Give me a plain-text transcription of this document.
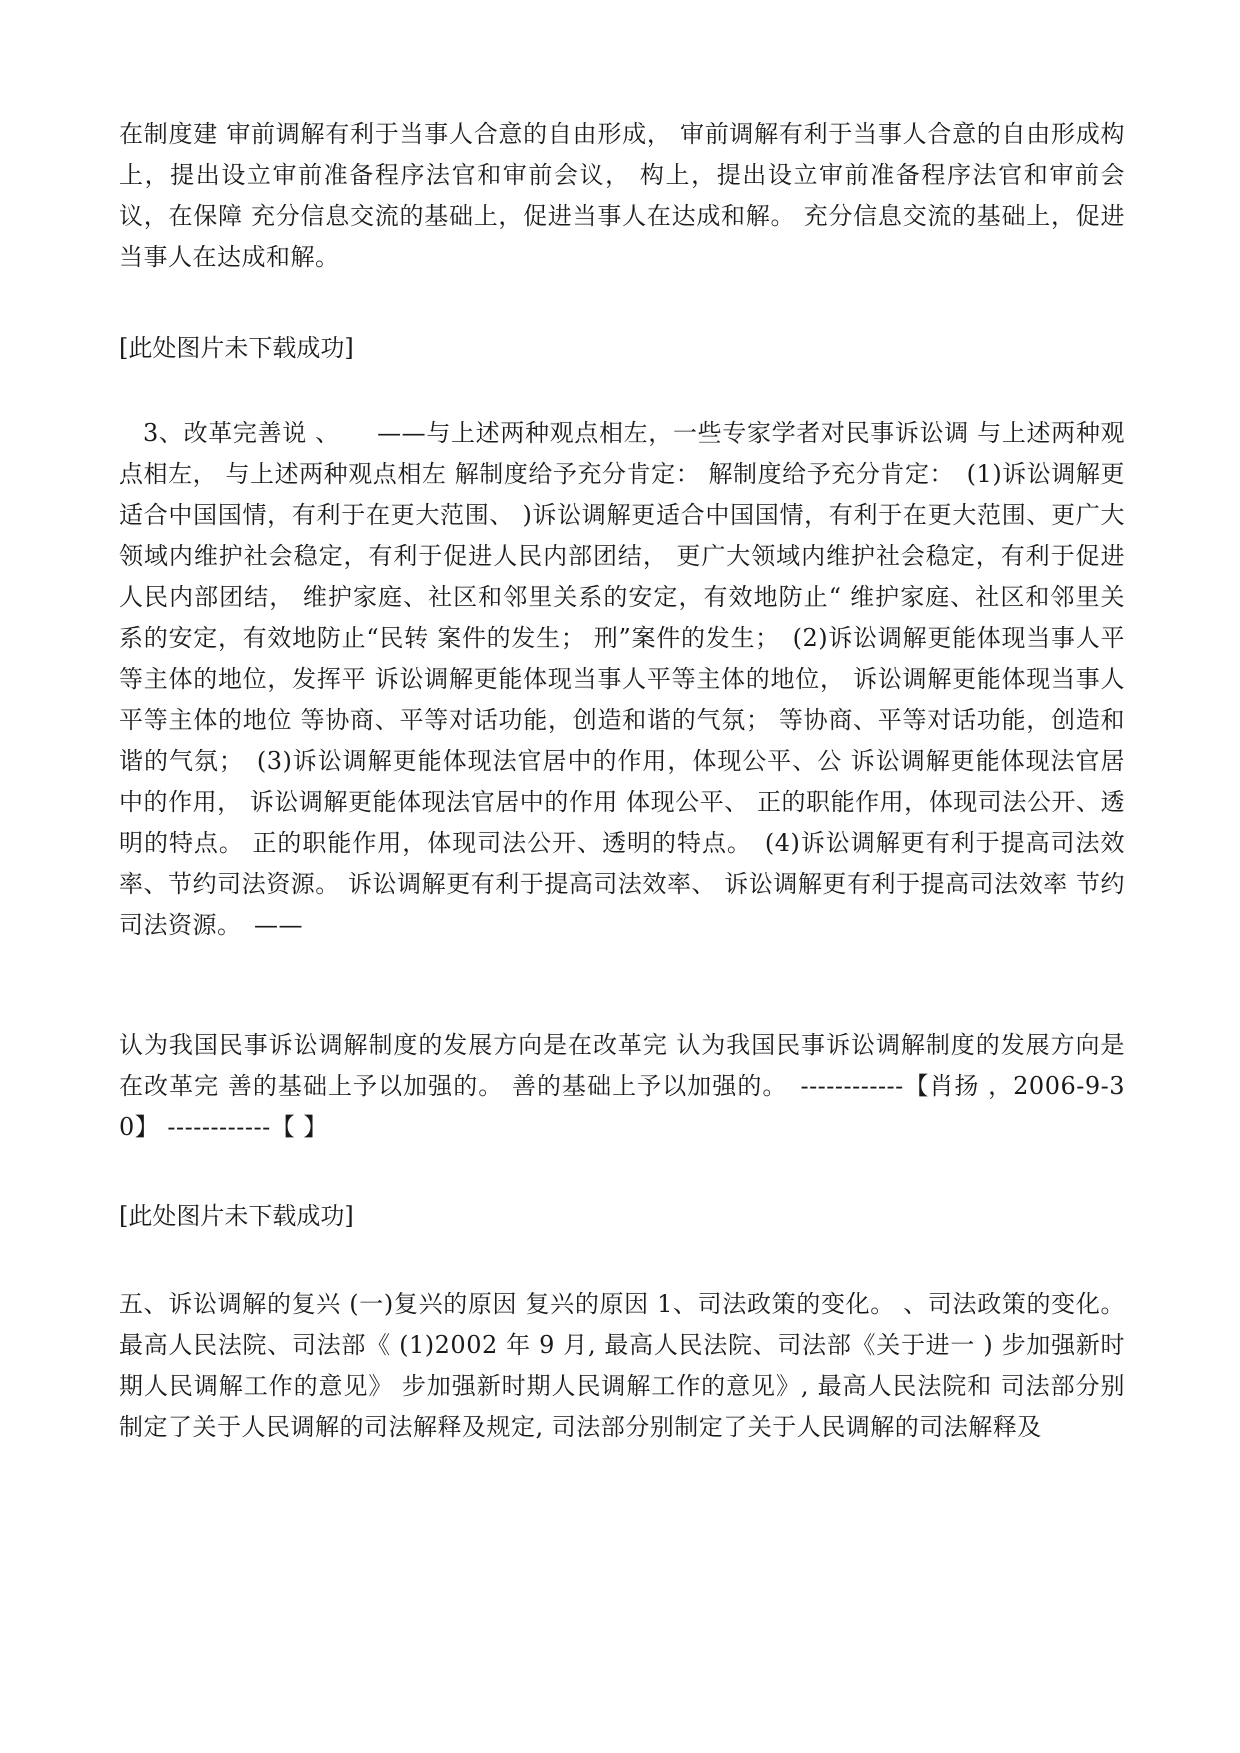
在制度建 审前调解有利于当事人合意的自由形成， 审前调解有利于当事人合意的自由形成构上，提出设立审前准备程序法官和审前会议， 构上，提出设立审前准备程序法官和审前会议，在保障 充分信息交流的基础上，促进当事人在达成和解。 充分信息交流的基础上，促进当事人在达成和解。

[此处图片未下载成功]

3、改革完善说 、　　——与上述两种观点相左，一些专家学者对民事诉讼调 与上述两种观点相左， 与上述两种观点相左 解制度给予充分肯定： 解制度给予充分肯定：　(1)诉讼调解更适合中国国情，有利于在更大范围、 )诉讼调解更适合中国国情，有利于在更大范围、更广大领域内维护社会稳定，有利于促进人民内部团结， 更广大领域内维护社会稳定，有利于促进人民内部团结， 维护家庭、社区和邻里关系的安定，有效地防止“ 维护家庭、社区和邻里关系的安定，有效地防止“民转 案件的发生； 刑”案件的发生；　(2)诉讼调解更能体现当事人平等主体的地位，发挥平 诉讼调解更能体现当事人平等主体的地位， 诉讼调解更能体现当事人平等主体的地位 等协商、平等对话功能，创造和谐的气氛； 等协商、平等对话功能，创造和谐的气氛；　(3)诉讼调解更能体现法官居中的作用，体现公平、公 诉讼调解更能体现法官居中的作用， 诉讼调解更能体现法官居中的作用 体现公平、 正的职能作用，体现司法公开、透明的特点。 正的职能作用，体现司法公开、透明的特点。　(4)诉讼调解更有利于提高司法效率、节约司法资源。 诉讼调解更有利于提高司法效率、 诉讼调解更有利于提高司法效率 节约司法资源。　——

认为我国民事诉讼调解制度的发展方向是在改革完 认为我国民事诉讼调解制度的发展方向是在改革完 善的基础上予以加强的。 善的基础上予以加强的。　------------【肖扬 ，2006-9-30】 ------------【 】

[此处图片未下载成功]

五、诉讼调解的复兴 (一)复兴的原因 复兴的原因 1、司法政策的变化。 、司法政策的变化。 最高人民法院、司法部《 (1)2002 年 9 月, 最高人民法院、司法部《关于进一 ) 步加强新时期人民调解工作的意见》 步加强新时期人民调解工作的意见》, 最高人民法院和 司法部分别制定了关于人民调解的司法解释及规定, 司法部分别制定了关于人民调解的司法解释及
